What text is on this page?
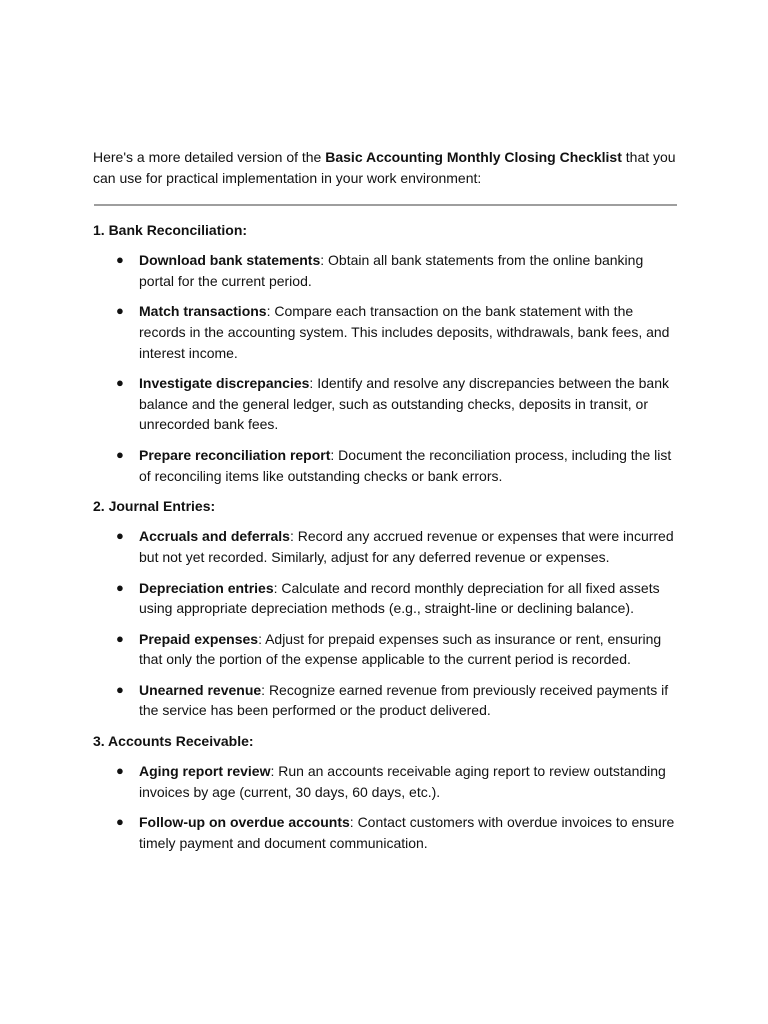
Here's a more detailed version of the Basic Accounting Monthly Closing Checklist that you can use for practical implementation in your work environment:

1. Bank Reconciliation:

● Download bank statements: Obtain all bank statements from the online banking portal for the current period.
● Match transactions: Compare each transaction on the bank statement with the records in the accounting system. This includes deposits, withdrawals, bank fees, and interest income.
● Investigate discrepancies: Identify and resolve any discrepancies between the bank balance and the general ledger, such as outstanding checks, deposits in transit, or unrecorded bank fees.
● Prepare reconciliation report: Document the reconciliation process, including the list of reconciling items like outstanding checks or bank errors.

2. Journal Entries:

● Accruals and deferrals: Record any accrued revenue or expenses that were incurred but not yet recorded. Similarly, adjust for any deferred revenue or expenses.
● Depreciation entries: Calculate and record monthly depreciation for all fixed assets using appropriate depreciation methods (e.g., straight-line or declining balance).
● Prepaid expenses: Adjust for prepaid expenses such as insurance or rent, ensuring that only the portion of the expense applicable to the current period is recorded.
● Unearned revenue: Recognize earned revenue from previously received payments if the service has been performed or the product delivered.

3. Accounts Receivable:

● Aging report review: Run an accounts receivable aging report to review outstanding invoices by age (current, 30 days, 60 days, etc.).
● Follow-up on overdue accounts: Contact customers with overdue invoices to ensure timely payment and document communication.
